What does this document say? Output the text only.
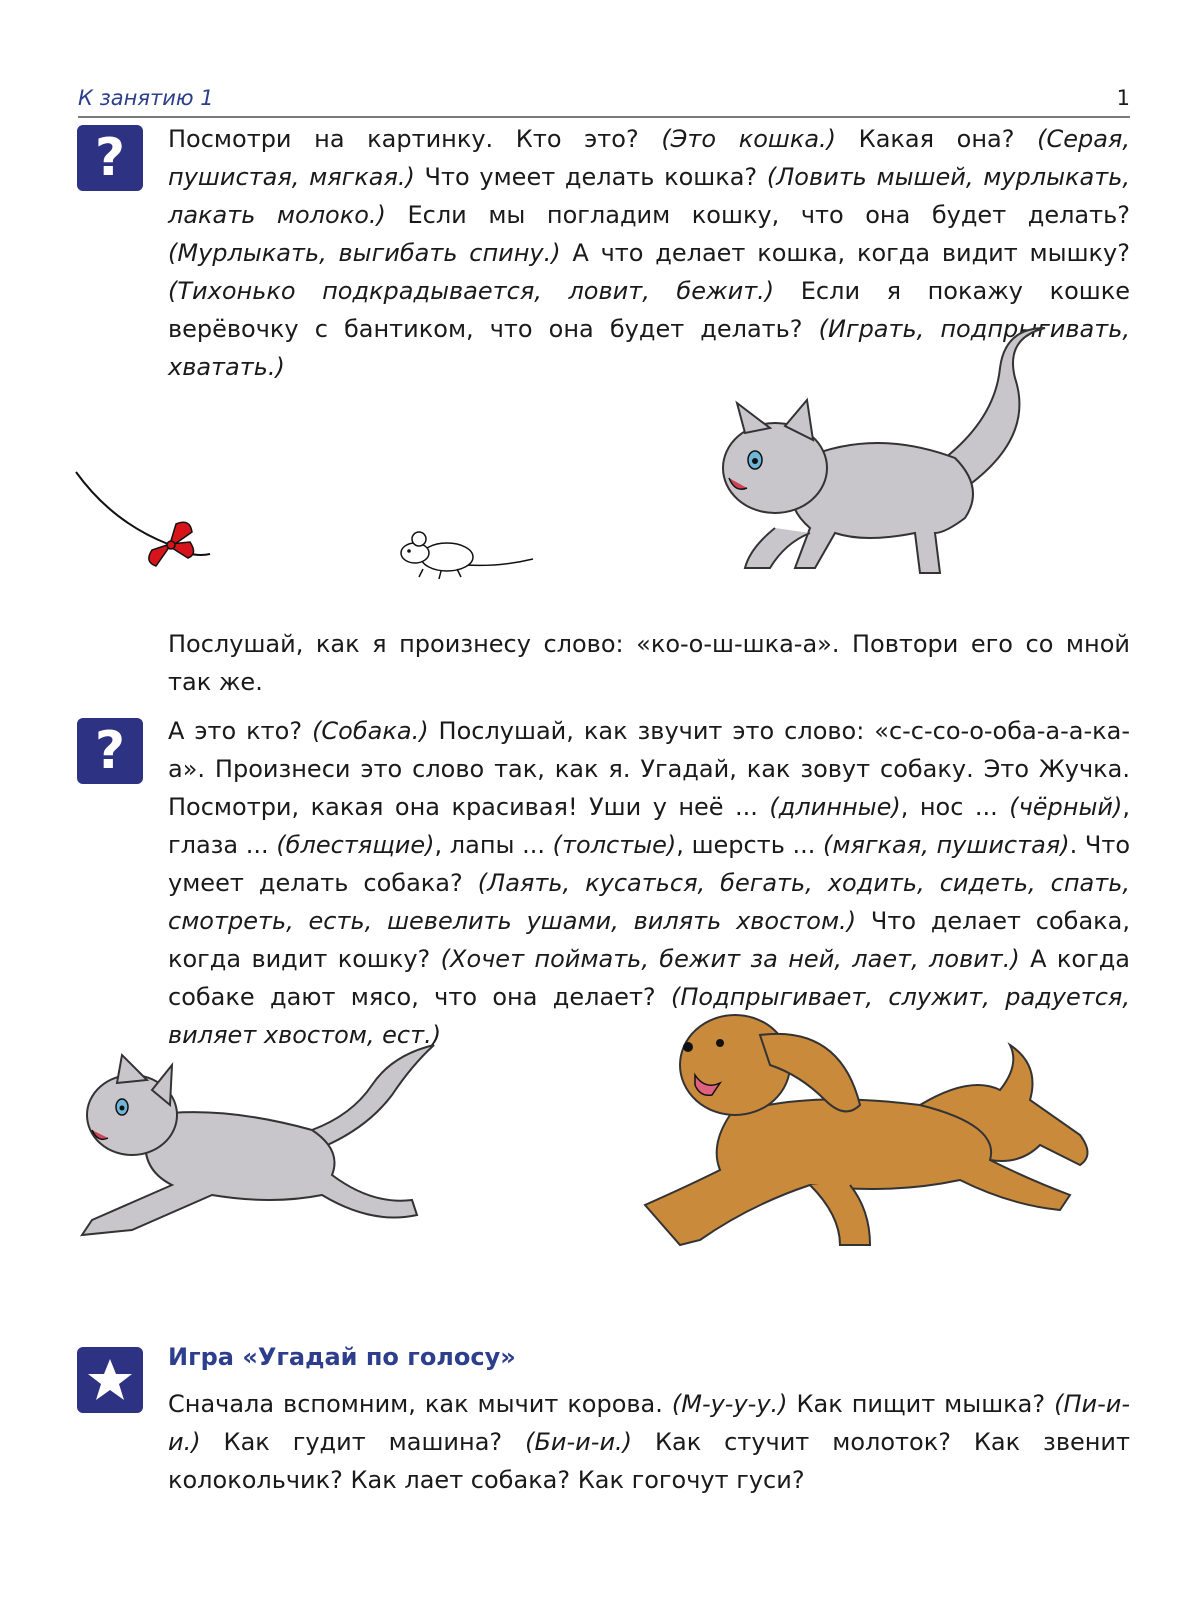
К занятию 1	1
?	Посмотри на картинку. Кто это? (Это кошка.) Какая она? (Серая, пушистая, мягкая.) Что умеет делать кошка? (Ловить мышей, мурлыкать, лакать молоко.) Если мы погладим кошку, что она будет делать? (Мурлыкать, выгибать спину.) А что делает кошка, когда видит мышку? (Тихонько подкрадывается, ловит, бежит.) Если я покажу кошке верёвочку с бантиком, что она будет делать? (Играть, подпрыгивать, хватать.)

Послушай, как я произнесу слово: «ко-о-ш-шка-а». Повтори его со мной так же.

?	А это кто? (Собака.) Послушай, как звучит это слово: «с-с-со-о-оба-а-а-ка-а». Произнеси это слово так, как я. Угадай, как зовут собаку. Это Жучка. Посмотри, какая она красивая! Уши у неё ... (длинные), нос ... (чёрный), глаза ... (блестящие), лапы ... (толстые), шерсть ... (мягкая, пушистая). Что умеет делать собака? (Лаять, кусаться, бегать, ходить, сидеть, спать, смотреть, есть, шевелить ушами, вилять хвостом.) Что делает собака, когда видит кошку? (Хочет поймать, бежит за ней, лает, ловит.) А когда собаке дают мясо, что она делает? (Подпрыгивает, служит, радуется, виляет хвостом, ест.)

Игра «Угадай по голосу»

Сначала вспомним, как мычит корова. (М-у-у-у.) Как пищит мышка? (Пи-и-и.) Как гудит машина? (Би-и-и.) Как стучит молоток? Как звенит колокольчик? Как лает собака? Как гогочут гуси?
